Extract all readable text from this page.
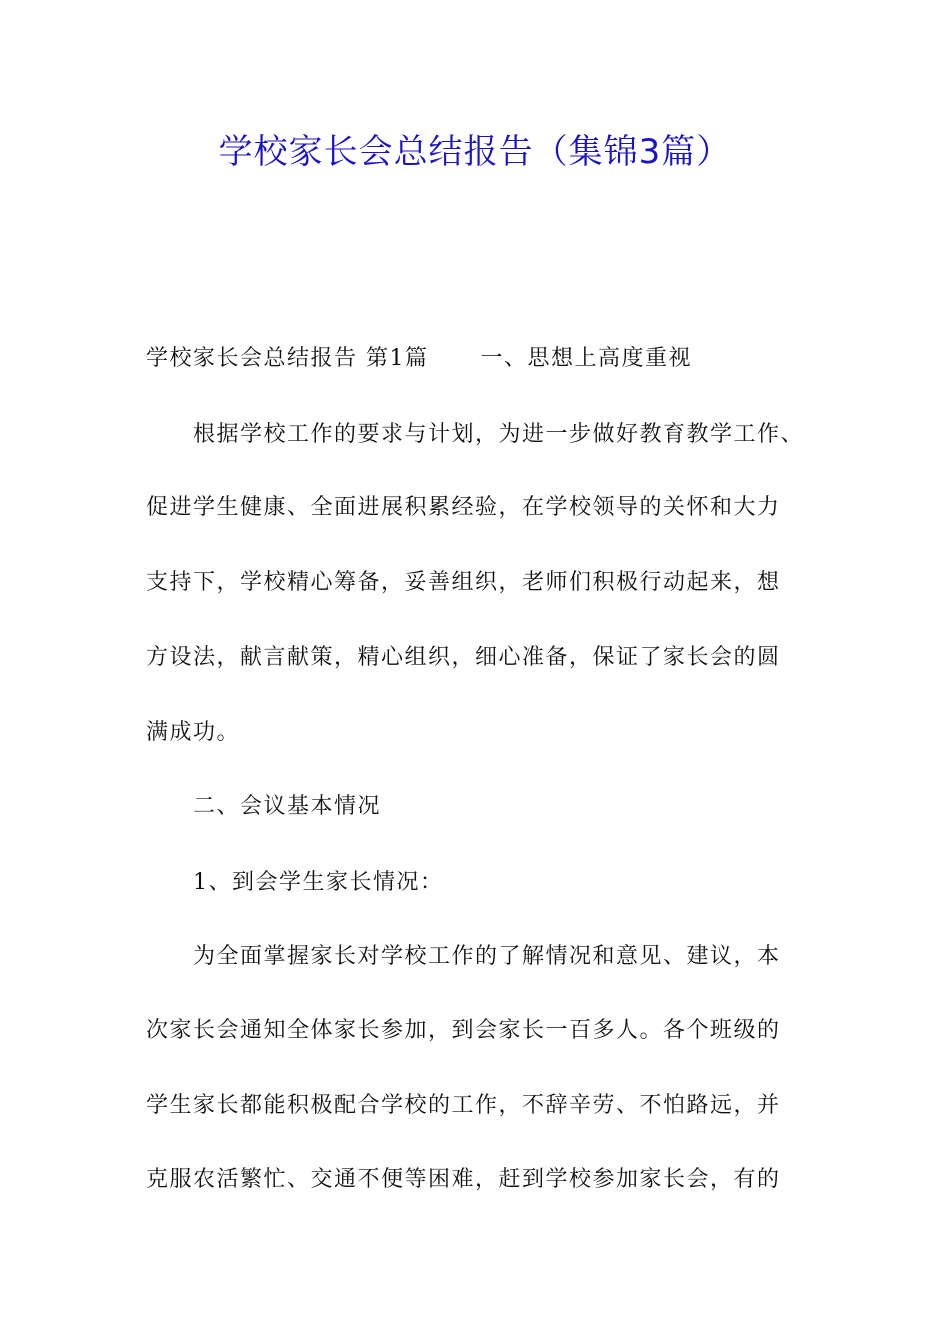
学校家长会总结报告（集锦3篇）
学校家长会总结报告 第1篇 一、思想上高度重视
根据学校工作的要求与计划，为进一步做好教育教学工作、
促进学生健康、全面进展积累经验，在学校领导的关怀和大力
支持下，学校精心筹备，妥善组织，老师们积极行动起来，想
方设法，献言献策，精心组织，细心准备，保证了家长会的圆
满成功。
二、会议基本情况
1、到会学生家长情况：
为全面掌握家长对学校工作的了解情况和意见、建议，本
次家长会通知全体家长参加，到会家长一百多人。各个班级的
学生家长都能积极配合学校的工作，不辞辛劳、不怕路远，并
克服农活繁忙、交通不便等困难，赶到学校参加家长会，有的
